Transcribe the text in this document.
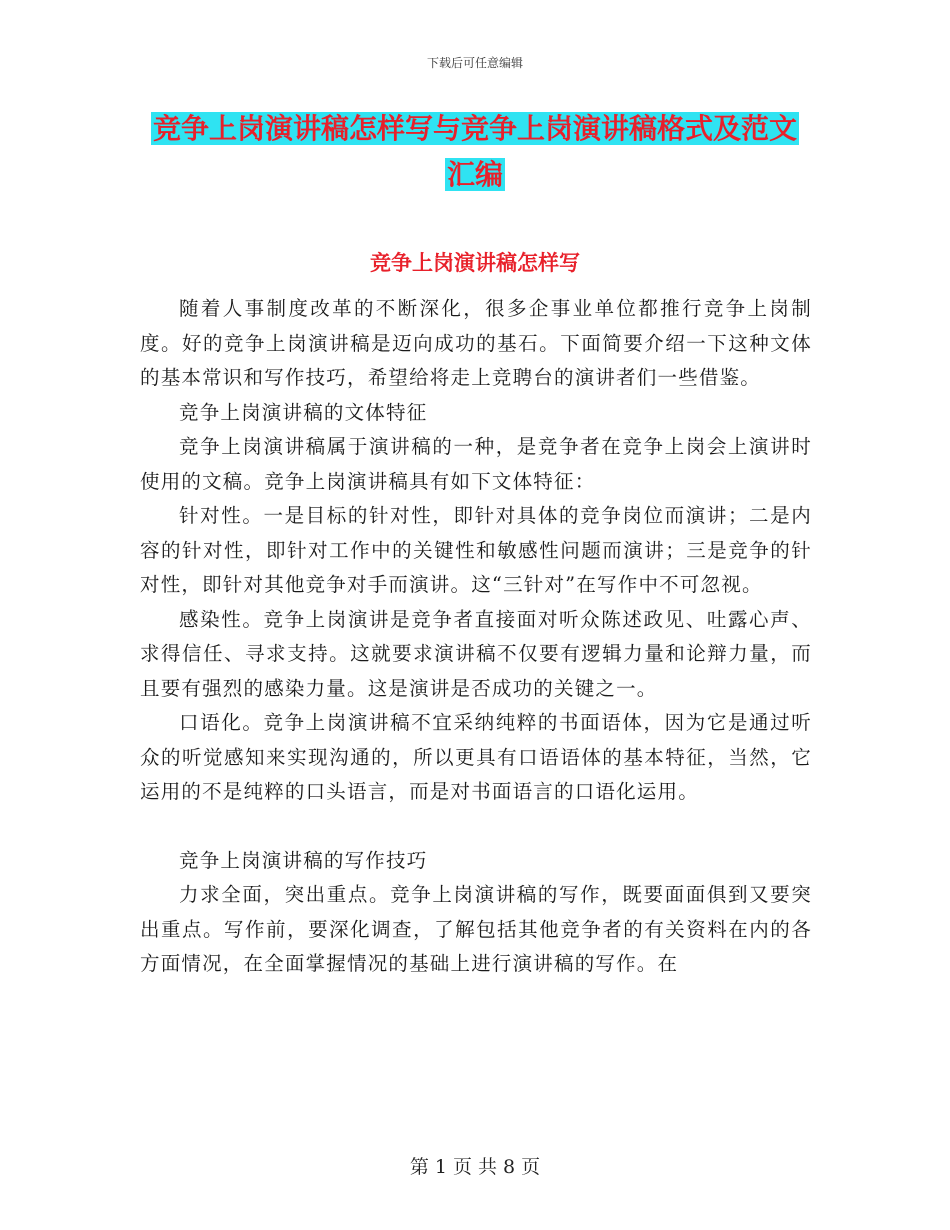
下载后可任意编辑
竞争上岗演讲稿怎样写与竞争上岗演讲稿格式及范文
汇编
竞争上岗演讲稿怎样写

随着人事制度改革的不断深化，很多企事业单位都推行竞争上岗制度。好的竞争上岗演讲稿是迈向成功的基石。下面简要介绍一下这种文体的基本常识和写作技巧，希望给将走上竞聘台的演讲者们一些借鉴。

竞争上岗演讲稿的文体特征

竞争上岗演讲稿属于演讲稿的一种，是竞争者在竞争上岗会上演讲时使用的文稿。竞争上岗演讲稿具有如下文体特征：

针对性。一是目标的针对性，即针对具体的竞争岗位而演讲；二是内容的针对性，即针对工作中的关键性和敏感性问题而演讲；三是竞争的针对性，即针对其他竞争对手而演讲。这“三针对”在写作中不可忽视。

感染性。竞争上岗演讲是竞争者直接面对听众陈述政见、吐露心声、求得信任、寻求支持。这就要求演讲稿不仅要有逻辑力量和论辩力量，而且要有强烈的感染力量。这是演讲是否成功的关键之一。

口语化。竞争上岗演讲稿不宜采纳纯粹的书面语体，因为它是通过听众的听觉感知来实现沟通的，所以更具有口语语体的基本特征，当然，它运用的不是纯粹的口头语言，而是对书面语言的口语化运用。

竞争上岗演讲稿的写作技巧

力求全面，突出重点。竞争上岗演讲稿的写作，既要面面俱到又要突出重点。写作前，要深化调查，了解包括其他竞争者的有关资料在内的各方面情况，在全面掌握情况的基础上进行演讲稿的写作。在

第 1 页 共 8 页
